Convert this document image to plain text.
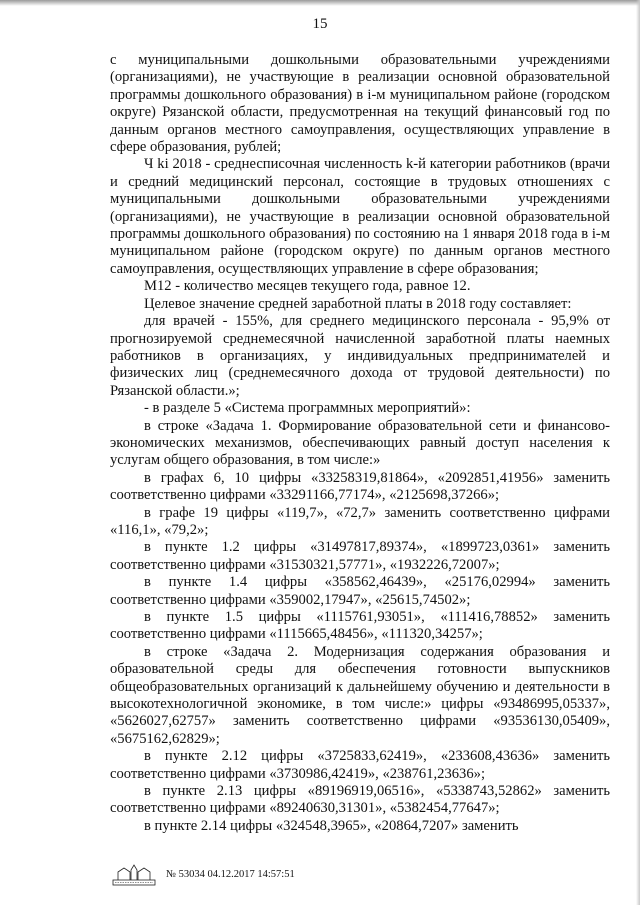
15

с муниципальными дошкольными образовательными учреждениями (организациями), не участвующие в реализации основной образовательной программы дошкольного образования) в i-м муниципальном районе (городском округе) Рязанской области, предусмотренная на текущий финансовый год по данным органов местного самоуправления, осуществляющих управление в сфере образования, рублей;

Ч ki 2018 - среднесписочная численность k-й категории работников (врачи и средний медицинский персонал, состоящие в трудовых отношениях с муниципальными дошкольными образовательными учреждениями (организациями), не участвующие в реализации основной образовательной программы дошкольного образования) по состоянию на 1 января 2018 года в i-м муниципальном районе (городском округе) по данным органов местного самоуправления, осуществляющих управление в сфере образования;

М12 - количество месяцев текущего года, равное 12.

Целевое значение средней заработной платы в 2018 году составляет:

для врачей - 155%, для среднего медицинского персонала - 95,9% от прогнозируемой среднемесячной начисленной заработной платы наемных работников в организациях, у индивидуальных предпринимателей и физических лиц (среднемесячного дохода от трудовой деятельности) по Рязанской области.»;

- в разделе 5 «Система программных мероприятий»:

в строке «Задача 1. Формирование образовательной сети и финансово-экономических механизмов, обеспечивающих равный доступ населения к услугам общего образования, в том числе:»

в графах 6, 10 цифры «33258319,81864», «2092851,41956» заменить соответственно цифрами «33291166,77174», «2125698,37266»;

в графе 19 цифры «119,7», «72,7» заменить соответственно цифрами «116,1», «79,2»;

в пункте 1.2 цифры «31497817,89374», «1899723,0361» заменить соответственно цифрами «31530321,57771», «1932226,72007»;

в пункте 1.4 цифры «358562,46439», «25176,02994» заменить соответственно цифрами «359002,17947», «25615,74502»;

в пункте 1.5 цифры «1115761,93051», «111416,78852» заменить соответственно цифрами «1115665,48456», «111320,34257»;

в строке «Задача 2. Модернизация содержания образования и образовательной среды для обеспечения готовности выпускников общеобразовательных организаций к дальнейшему обучению и деятельности в высокотехнологичной экономике, в том числе:» цифры «93486995,05337», «5626027,62757» заменить соответственно цифрами «93536130,05409», «5675162,62829»;

в пункте 2.12 цифры «3725833,62419», «233608,43636» заменить соответственно цифрами «3730986,42419», «238761,23636»;

в пункте 2.13 цифры «89196919,06516», «5338743,52862» заменить соответственно цифрами «89240630,31301», «5382454,77647»;

в пункте 2.14 цифры «324548,3965», «20864,7207» заменить

№ 53034 04.12.2017 14:57:51
